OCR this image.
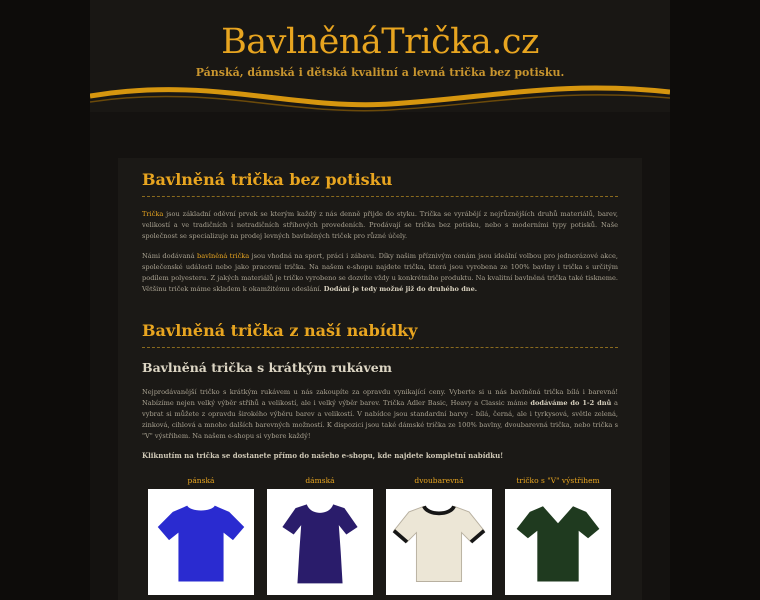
BavlněnáTrička.cz
Pánská, dámská i dětská kvalitní a levná trička bez potisku.
Bavlněná trička bez potisku

Trička jsou základní oděvní prvek se kterým každý z nás denně přijde do styku. Trička se vyrábějí z nejrůznějších druhů materiálů, barev, velikostí a ve tradičních i netradičních střihových provedeních. Prodávají se trička bez potisku, nebo s moderními typy potisků. Naše společnost se specializuje na prodej levných bavlněných triček pro různé účely.

Námi dodávaná bavlněná trička jsou vhodná na sport, práci i zábavu. Díky našim příznivým cenám jsou ideální volbou pro jednorázové akce, společenské události nebo jako pracovní trička. Na našem e-shopu najdete trička, která jsou vyrobena ze 100% bavlny i trička s určitým podílem polyesteru. Z jakých materiálů je tričko vyrobeno se dozvíte vždy u konkrétního produktu. Na kvalitní bavlněná trička také tiskneme. Většinu triček máme skladem k okamžitému odeslání. Dodání je tedy možné již do druhého dne.

Bavlněná trička z naší nabídky
Bavlněná trička s krátkým rukávem

Nejprodávanější tričko s krátkým rukávem u nás zakoupíte za opravdu vynikající ceny. Vyberte si u nás bavlněná trička bílá i barevná! Nabízíme nejen velký výběr střihů a velikostí, ale i velký výběr barev. Trička Adler Basic, Heavy a Classic máme dodáváme do 1-2 dnů a vybrat si můžete z opravdu širokého výběru barev a velikostí. V nabídce jsou standardní barvy - bílá, černá, ale i tyrkysová, světle zelená, zinková, cihlová a mnoho dalších barevných možností. K dispozici jsou také dámské trička ze 100% bavlny, dvoubarevná trička, nebo trička s "V" výstřihem. Na našem e-shopu si vybere každý!

Kliknutím na trička se dostanete přímo do našeho e-shopu, kde najdete kompletní nabídku!

pánská	dámská	dvoubarevná	tričko s "V" výstřihem
